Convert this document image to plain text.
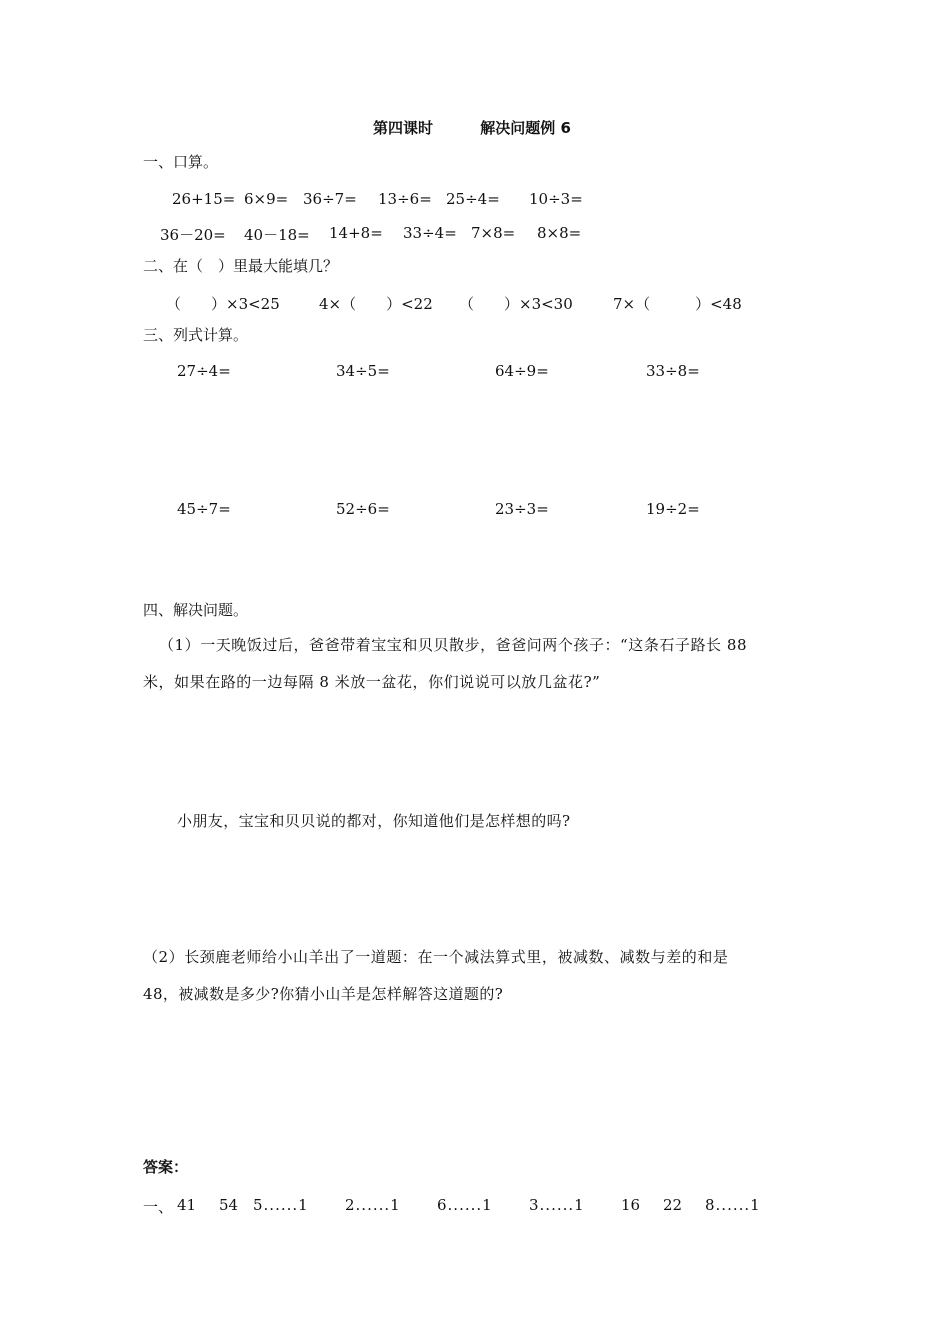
第四课时	解决问题例 6
一、口算。
26+15= 6×9= 36÷7= 13÷6= 25÷4= 10÷3=
36－20= 40－18= 14+8= 33÷4= 7×8= 8×8=
二、在（　）里最大能填几？
（　　）×3<25	4×（　　）<22 （　　）×3<30	7×（　　　）<48
三、列式计算。
27÷4=	34÷5=	64÷9=	33÷8=
45÷7=	52÷6=	23÷3=	19÷2=
四、解决问题。
（1）一天晚饭过后，爸爸带着宝宝和贝贝散步，爸爸问两个孩子：“这条石子路长 88
米，如果在路的一边每隔 8 米放一盆花，你们说说可以放几盆花?”
小朋友，宝宝和贝贝说的都对，你知道他们是怎样想的吗?
（2）长颈鹿老师给小山羊出了一道题：在一个减法算式里，被减数、减数与差的和是
48，被减数是多少?你猜小山羊是怎样解答这道题的?
答案：
一、 41 54 5......1 2......1 6......1 3......1 16 22 8......1
